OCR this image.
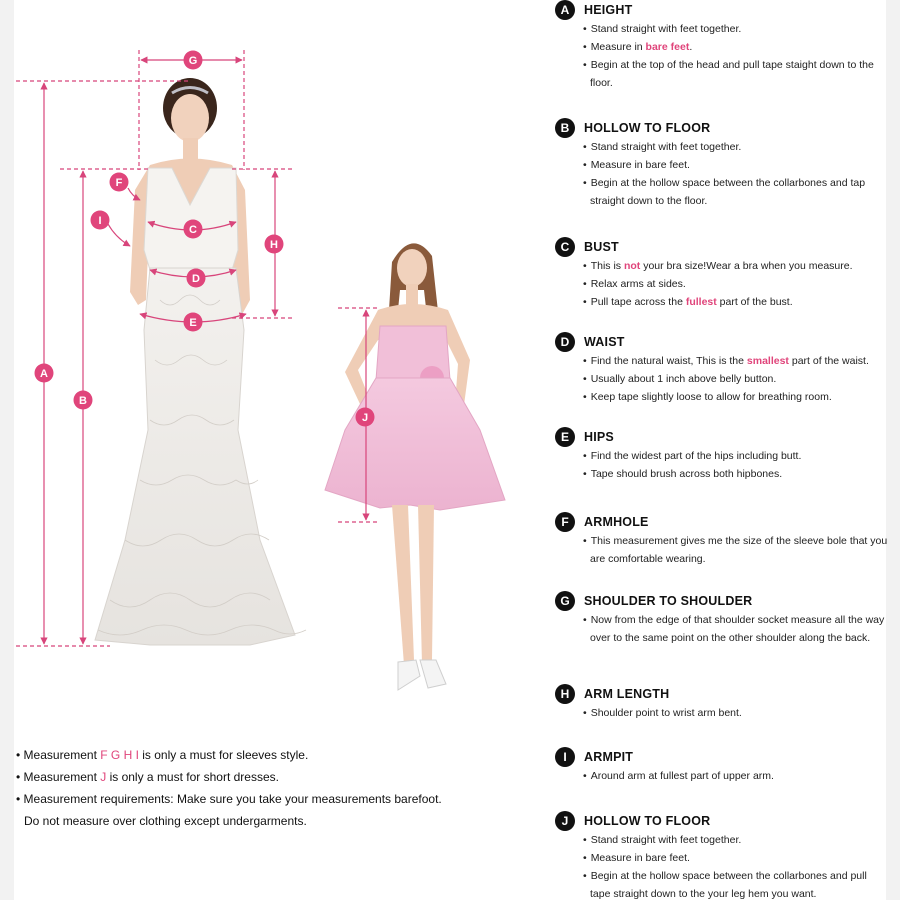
A
B
C
D
E
F
G
H
I
J
• Measurement F G H I is only a must for sleeves style.
• Measurement J is only a must for short dresses.
• Measurement requirements: Make sure you take your measurements barefoot.
Do not measure over clothing except undergarments.
A	HEIGHT
• Stand straight with feet together.
• Measure in bare feet.
• Begin at the top of the head and pull tape staight down to the floor.
B	HOLLOW TO FLOOR
• Stand straight with feet together.
• Measure in bare feet.
• Begin at the hollow space between the collarbones and tap straight down to the floor.
C	BUST
• This is not your bra size!Wear a bra when you measure.
• Relax arms at sides.
• Pull tape across the fullest part of the bust.
D	WAIST
• Find the natural waist, This is the smallest part of the waist.
• Usually about 1 inch above belly button.
• Keep tape slightly loose to allow for breathing room.
E	HIPS
• Find the widest part of the hips including butt.
• Tape should brush across both hipbones.
F	ARMHOLE
• This measurement gives me the size of the sleeve bole that you are comfortable wearing.
G	SHOULDER TO SHOULDER
• Now from the edge of that shoulder socket measure all the way over to the same point on the other shoulder along the back.
H	ARM LENGTH
• Shoulder point to wrist arm bent.
I	ARMPIT
• Around arm at fullest part of upper arm.
J	HOLLOW TO FLOOR
• Stand straight with feet together.
• Measure in bare feet.
• Begin at the hollow space between the collarbones and pull tape straight down to the your leg hem you want.
